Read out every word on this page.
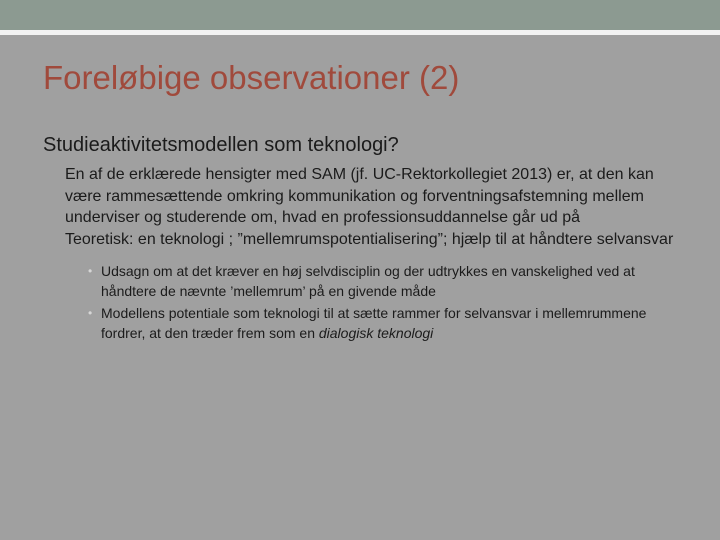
Foreløbige observationer (2)

Studieaktivitetsmodellen som teknologi?

En af de erklærede hensigter med SAM (jf. UC-Rektorkollegiet 2013) er, at den kan være rammesættende omkring kommunikation og forventningsafstemning mellem underviser og studerende om, hvad en professionsuddannelse går ud på

Teoretisk: en teknologi ; ”mellemrumspotentialisering”; hjælp til at håndtere selvansvar

• Udsagn om at det kræver en høj selvdisciplin og der udtrykkes en vanskelighed ved at håndtere de nævnte ’mellemrum’ på en givende måde
• Modellens potentiale som teknologi til at sætte rammer for selvansvar i mellemrummene fordrer, at den træder frem som en dialogisk teknologi
